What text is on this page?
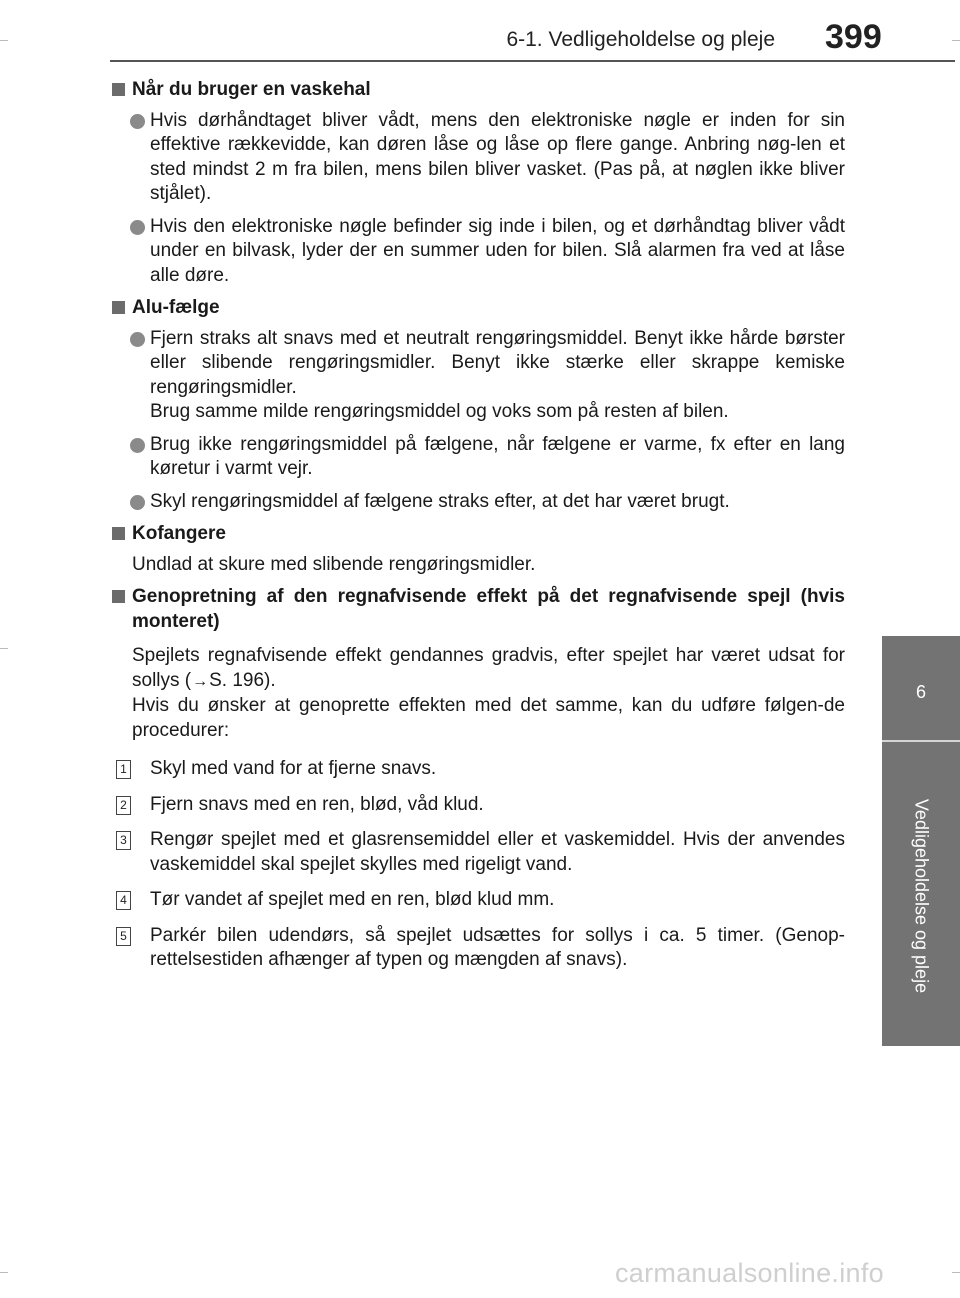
6-1. Vedligeholdelse og pleje 399
6
Vedligeholdelse og pleje
Når du bruger en vaskehal
Hvis dørhåndtaget bliver vådt, mens den elektroniske nøgle er inden for sin effektive rækkevidde, kan døren låse og låse op flere gange. Anbring nøg-len et sted mindst 2 m fra bilen, mens bilen bliver vasket. (Pas på, at nøglen ikke bliver stjålet).
Hvis den elektroniske nøgle befinder sig inde i bilen, og et dørhåndtag bliver vådt under en bilvask, lyder der en summer uden for bilen. Slå alarmen fra ved at låse alle døre.
Alu-fælge
Fjern straks alt snavs med et neutralt rengøringsmiddel. Benyt ikke hårde børster eller slibende rengøringsmidler. Benyt ikke stærke eller skrappe kemiske rengøringsmidler.
Brug samme milde rengøringsmiddel og voks som på resten af bilen.
Brug ikke rengøringsmiddel på fælgene, når fælgene er varme, fx efter en lang køretur i varmt vejr.
Skyl rengøringsmiddel af fælgene straks efter, at det har været brugt.
Kofangere
Undlad at skure med slibende rengøringsmidler.
Genopretning af den regnafvisende effekt på det regnafvisende spejl (hvis monteret)
Spejlets regnafvisende effekt gendannes gradvis, efter spejlet har været udsat for sollys (→S. 196).
Hvis du ønsker at genoprette effekten med det samme, kan du udføre følgen-de procedurer:
1 Skyl med vand for at fjerne snavs.
2 Fjern snavs med en ren, blød, våd klud.
3 Rengør spejlet med et glasrensemiddel eller et vaskemiddel. Hvis der anvendes vaskemiddel skal spejlet skylles med rigeligt vand.
4 Tør vandet af spejlet med en ren, blød klud mm.
5 Parkér bilen udendørs, så spejlet udsættes for sollys i ca. 5 timer. (Genop-rettelsestiden afhænger af typen og mængden af snavs).
carmanualsonline.info
